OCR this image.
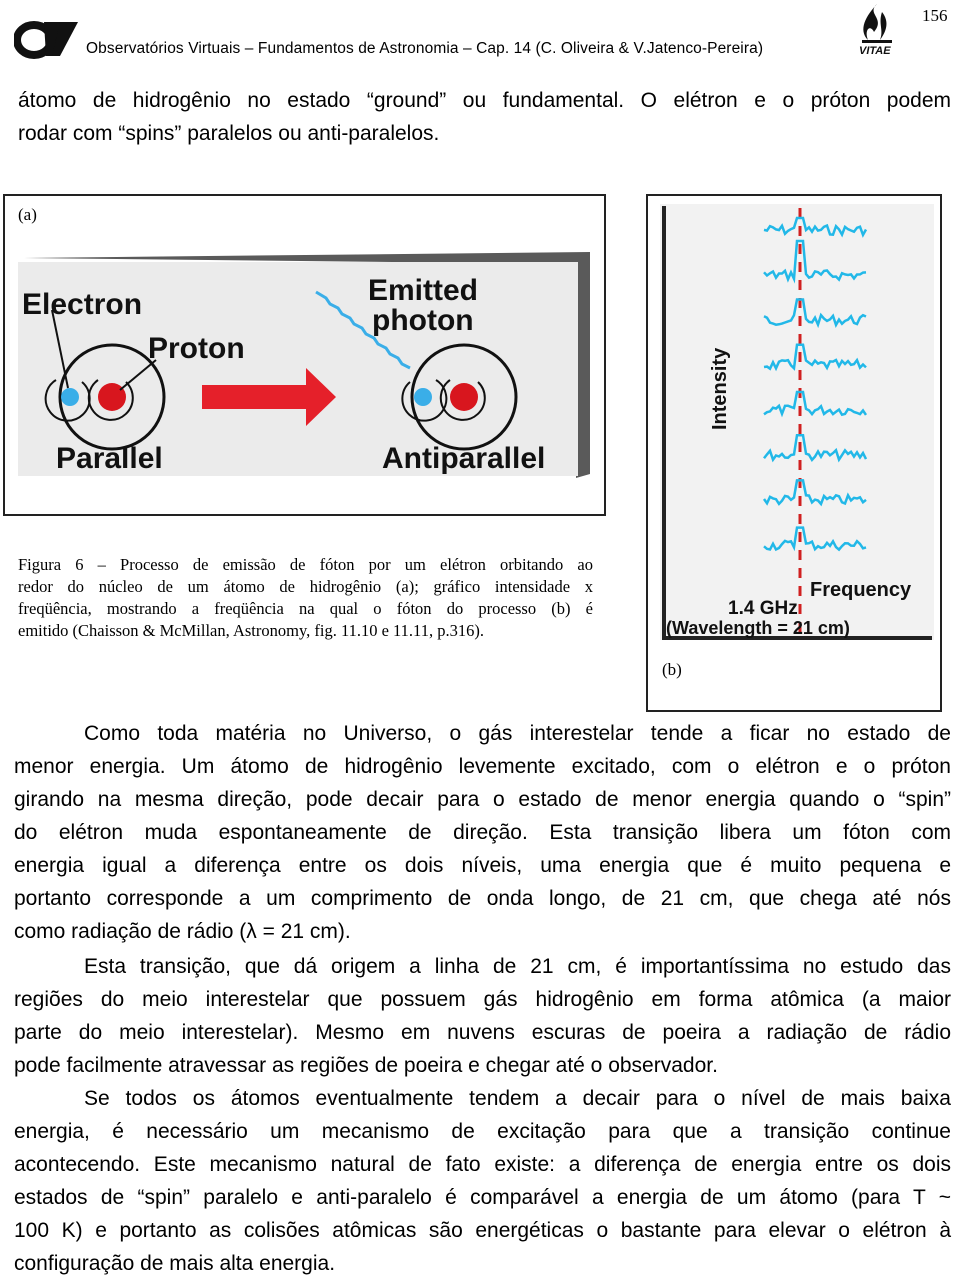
Observatórios Virtuais – Fundamentos de Astronomia – Cap. 14 (C. Oliveira & V.Jatenco-Pereira)	VITAE
156
átomo de hidrogênio no estado “ground” ou fundamental. O elétron e o próton podem
rodar com “spins” paralelos ou anti-paralelos.
(a)
Electron
Proton
Emitted
photon
Parallel	Antiparallel
Figura 6 – Processo de emissão de fóton por um elétron orbitando ao
redor do núcleo de um átomo de hidrogênio (a); gráfico intensidade x
freqüência, mostrando a freqüência na qual o fóton do processo (b) é
emitido (Chaisson & McMillan, Astronomy, fig. 11.10 e 11.11, p.316).
Intensity
Frequency
1.4 GHz
(Wavelength = 21 cm)
(b)
Como toda matéria no Universo, o gás interestelar tende a ficar no estado de
menor energia. Um átomo de hidrogênio levemente excitado, com o elétron e o próton
girando na mesma direção, pode decair para o estado de menor energia quando o “spin”
do elétron muda espontaneamente de direção. Esta transição libera um fóton com
energia igual a diferença entre os dois níveis, uma energia que é muito pequena e
portanto corresponde a um comprimento de onda longo, de 21 cm, que chega até nós
como radiação de rádio (λ = 21 cm).
Esta transição, que dá origem a linha de 21 cm, é importantíssima no estudo das
regiões do meio interestelar que possuem gás hidrogênio em forma atômica (a maior
parte do meio interestelar). Mesmo em nuvens escuras de poeira a radiação de rádio
pode facilmente atravessar as regiões de poeira e chegar até o observador.
Se todos os átomos eventualmente tendem a decair para o nível de mais baixa
energia, é necessário um mecanismo de excitação para que a transição continue
acontecendo. Este mecanismo natural de fato existe: a diferença de energia entre os dois
estados de “spin” paralelo e anti-paralelo é comparável a energia de um átomo (para T ~
100 K) e portanto as colisões atômicas são energéticas o bastante para elevar o elétron à
configuração de mais alta energia.
